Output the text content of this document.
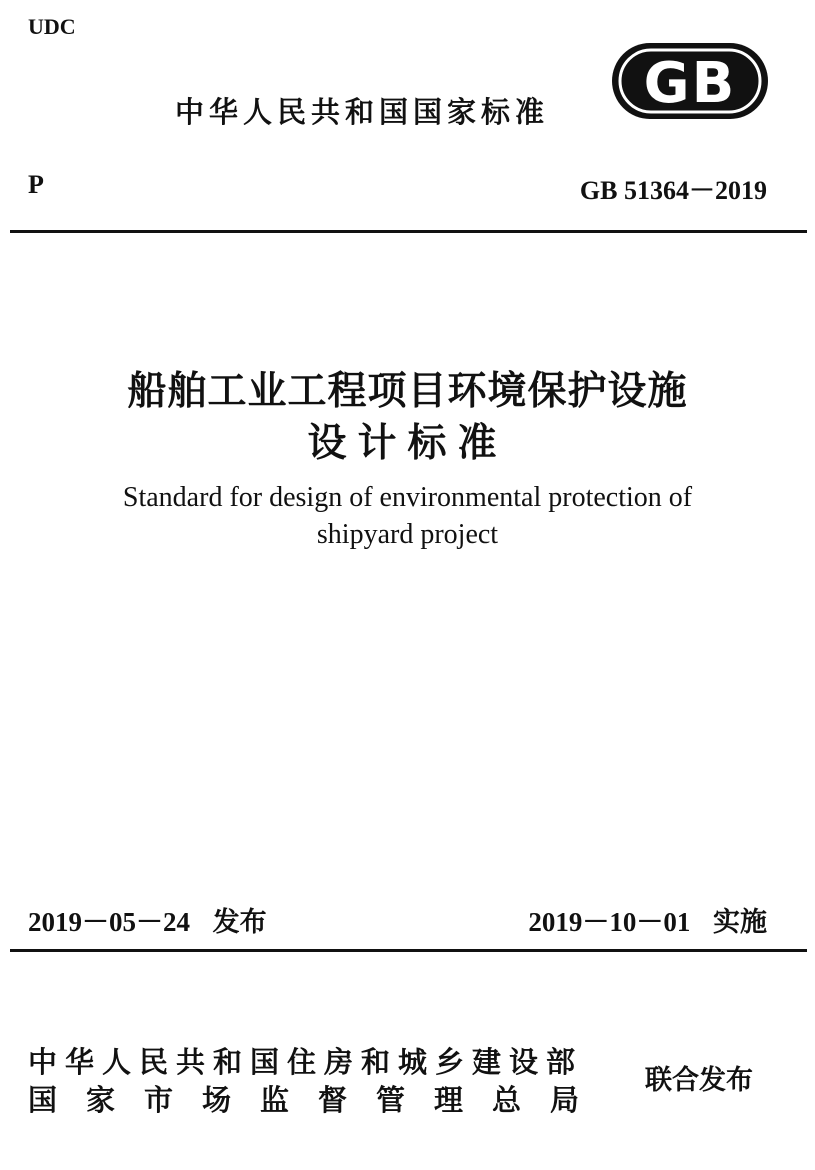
UDC
中华人民共和国国家标准 GB
P	GB 51364－2019
船舶工业工程项目环境保护设施
设计标准
Standard for design of environmental protection of
shipyard project
2019－05－24 发布	2019－10－01 实施
中华人民共和国住房和城乡建设部
国家市场监督管理总局
联合发布
